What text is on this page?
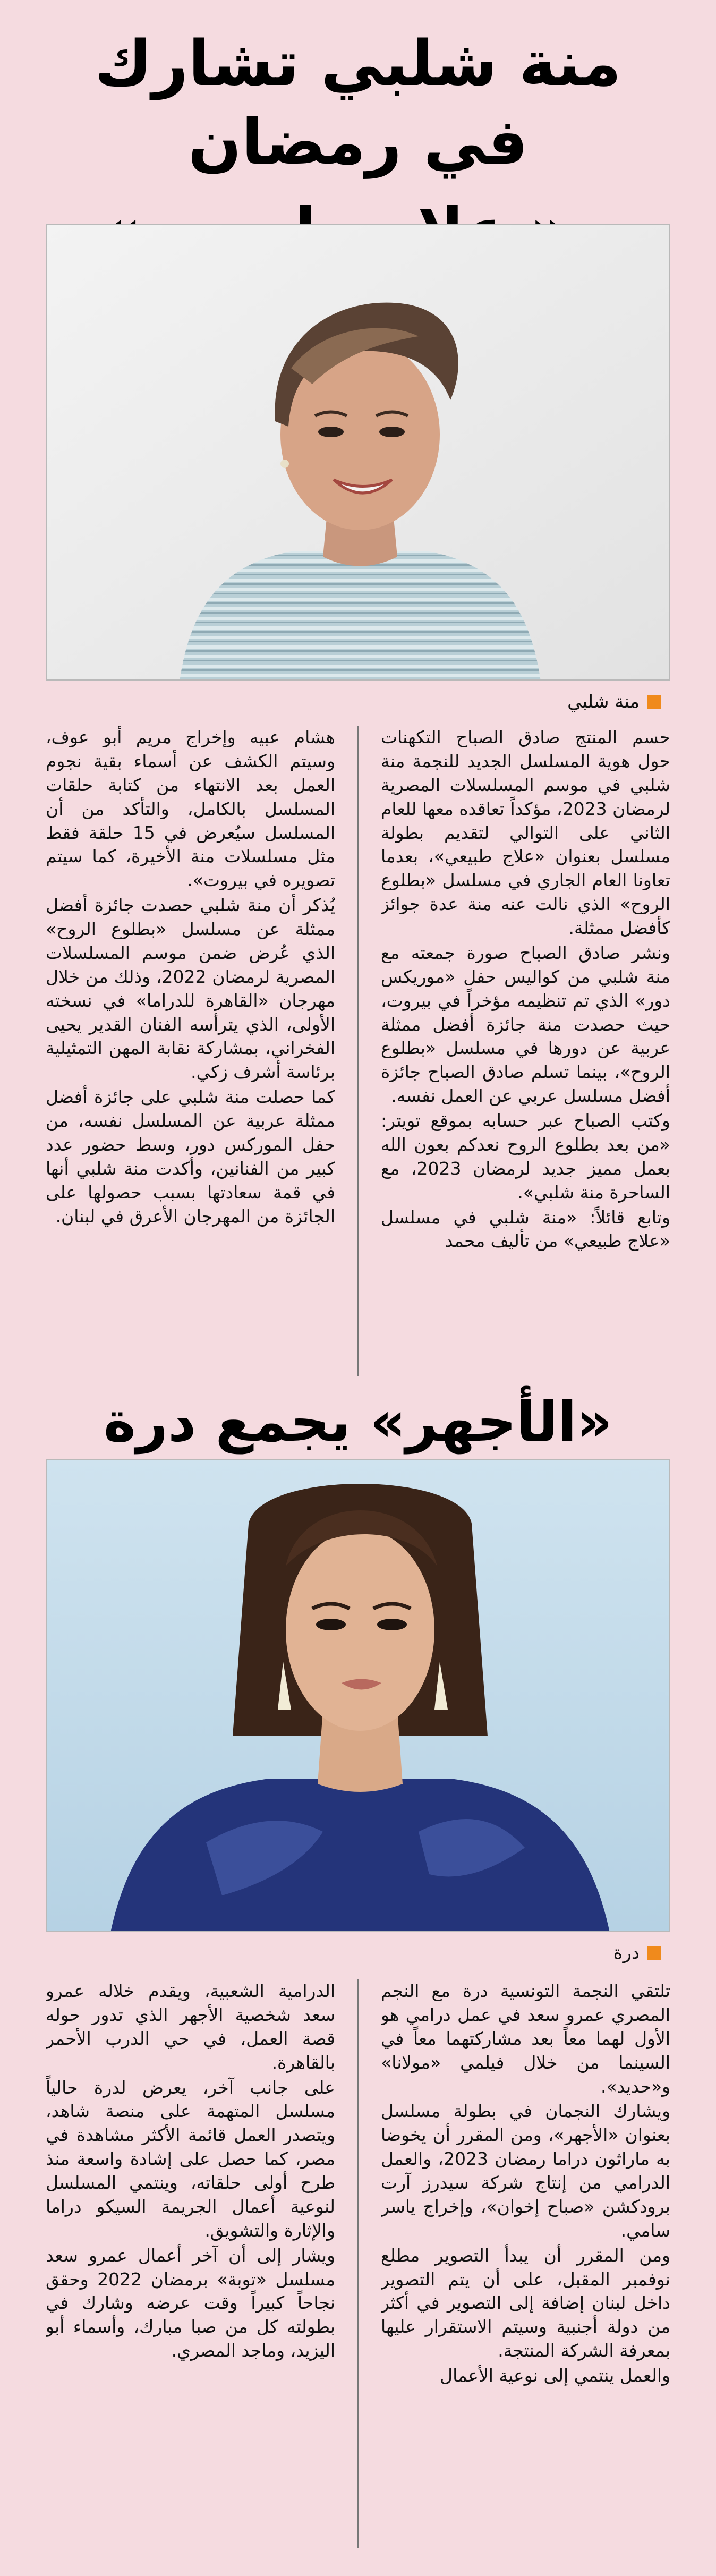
منة شلبي تشارك في رمضان
منة شلبي

حسم المنتج صادق الصباح التكهنات حول هوية المسلسل الجديد للنجمة منة شلبي في موسم المسلسلات المصرية لرمضان 2023، مؤكداً تعاقده معها للعام الثاني على التوالي لتقديم بطولة مسلسل بعنوان «علاج طبيعي»، بعدما تعاونا العام الجاري في مسلسل «بطلوع الروح» الذي نالت عنه منة عدة جوائز كأفضل ممثلة.

ونشر صادق الصباح صورة جمعته مع منة شلبي من كواليس حفل «موريكس دور» الذي تم تنظيمه مؤخراً في بيروت، حيث حصدت منة جائزة أفضل ممثلة عربية عن دورها في مسلسل «بطلوع الروح»، بينما تسلم صادق الصباح جائزة أفضل مسلسل عربي عن العمل نفسه.

وكتب الصباح عبر حسابه بموقع تويتر: «من بعد بطلوع الروح نعدكم بعون الله بعمل مميز جديد لرمضان 2023، مع الساحرة منة شلبي».

وتابع قائلاً: «منة شلبي في مسلسل «علاج طبيعي» من تأليف محمد

هشام عبيه وإخراج مريم أبو عوف، وسيتم الكشف عن أسماء بقية نجوم العمل بعد الانتهاء من كتابة حلقات المسلسل بالكامل، والتأكد من أن المسلسل سيُعرض في 15 حلقة فقط مثل مسلسلات منة الأخيرة، كما سيتم تصويره في بيروت».

يُذكر أن منة شلبي حصدت جائزة أفضل ممثلة عن مسلسل «بطلوع الروح» الذي عُرض ضمن موسم المسلسلات المصرية لرمضان 2022، وذلك من خلال مهرجان «القاهرة للدراما» في نسخته الأولى، الذي يترأسه الفنان القدير يحيى الفخراني، بمشاركة نقابة المهن التمثيلية برئاسة أشرف زكي.

كما حصلت منة شلبي على جائزة أفضل ممثلة عربية عن المسلسل نفسه، من حفل الموركس دور، وسط حضور عدد كبير من الفنانين، وأكدت منة شلبي أنها في قمة سعادتها بسبب حصولها على الجائزة من المهرجان الأعرق في لبنان.

«الأجهر» يجمع درة
درة

تلتقي النجمة التونسية درة مع النجم المصري عمرو سعد في عمل درامي هو الأول لهما معاً بعد مشاركتهما معاً في السينما من خلال فيلمي «مولانا» و«حديد».

ويشارك النجمان في بطولة مسلسل بعنوان «الأجهر»، ومن المقرر أن يخوضا به ماراثون دراما رمضان 2023، والعمل الدرامي من إنتاج شركة سيدرز آرت برودكشن «صباح إخوان»، وإخراج ياسر سامي.

ومن المقرر أن يبدأ التصوير مطلع نوفمبر المقبل، على أن يتم التصوير داخل لبنان إضافة إلى التصوير في أكثر من دولة أجنبية وسيتم الاستقرار عليها بمعرفة الشركة المنتجة.

والعمل ينتمي إلى نوعية الأعمال

الدرامية الشعبية، ويقدم خلاله عمرو سعد شخصية الأجهر الذي تدور حوله قصة العمل، في حي الدرب الأحمر بالقاهرة.

على جانب آخر، يعرض لدرة حالياً مسلسل المتهمة على منصة شاهد، ويتصدر العمل قائمة الأكثر مشاهدة في مصر، كما حصل على إشادة واسعة منذ طرح أولى حلقاته، وينتمي المسلسل لنوعية أعمال الجريمة السيكو دراما والإثارة والتشويق.

ويشار إلى أن آخر أعمال عمرو سعد مسلسل «توبة» برمضان 2022 وحقق نجاحاً كبيراً وقت عرضه وشارك في بطولته كل من صبا مبارك، وأسماء أبو اليزيد، وماجد المصري.
